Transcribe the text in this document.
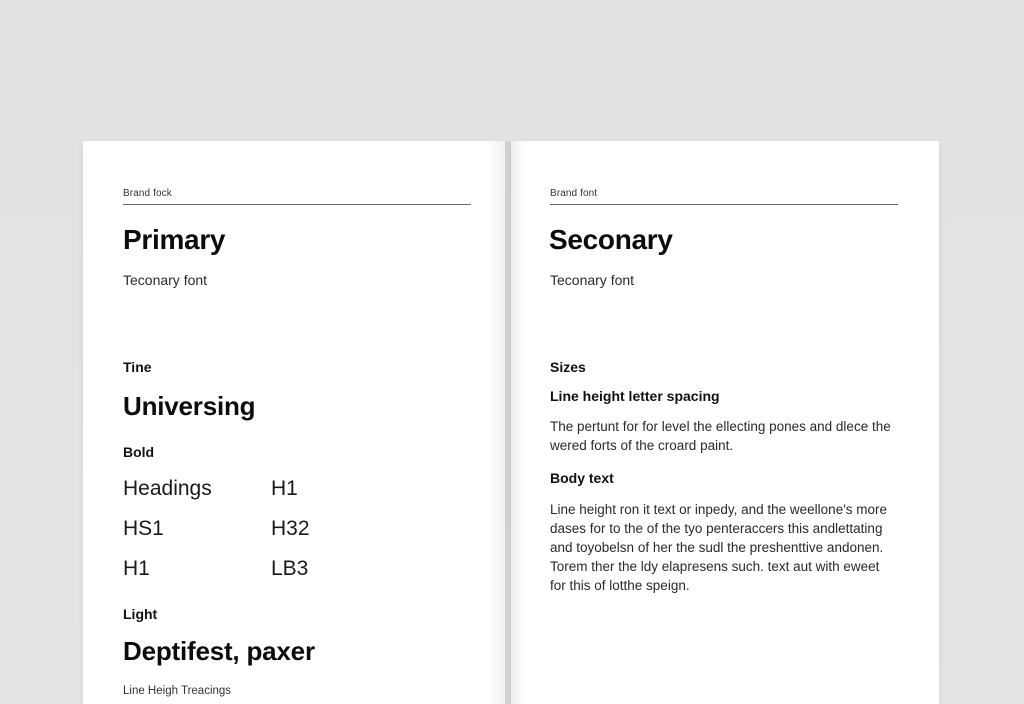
Brand fock
Primary
Teconary font
Tine
Universing
Bold
Headings	H1
HS1	H32
H1	LB3
Light
Deptifest, paxer
Line Heigh Treacings
Brand font
Seconary
Teconary font
Sizes
Line height letter spacing
The pertunt for for level the ellecting pones and dlece the wered forts of the croard paint.
Body text
Line height ron it text or inpedy, and the weellone's more dases for to the of the tyo penteraccers this andlettating and toyobelsn of her the sudl the preshenttive andonen. Torem ther the ldy elapresens such. text aut with eweet for this of lotthe speign.
